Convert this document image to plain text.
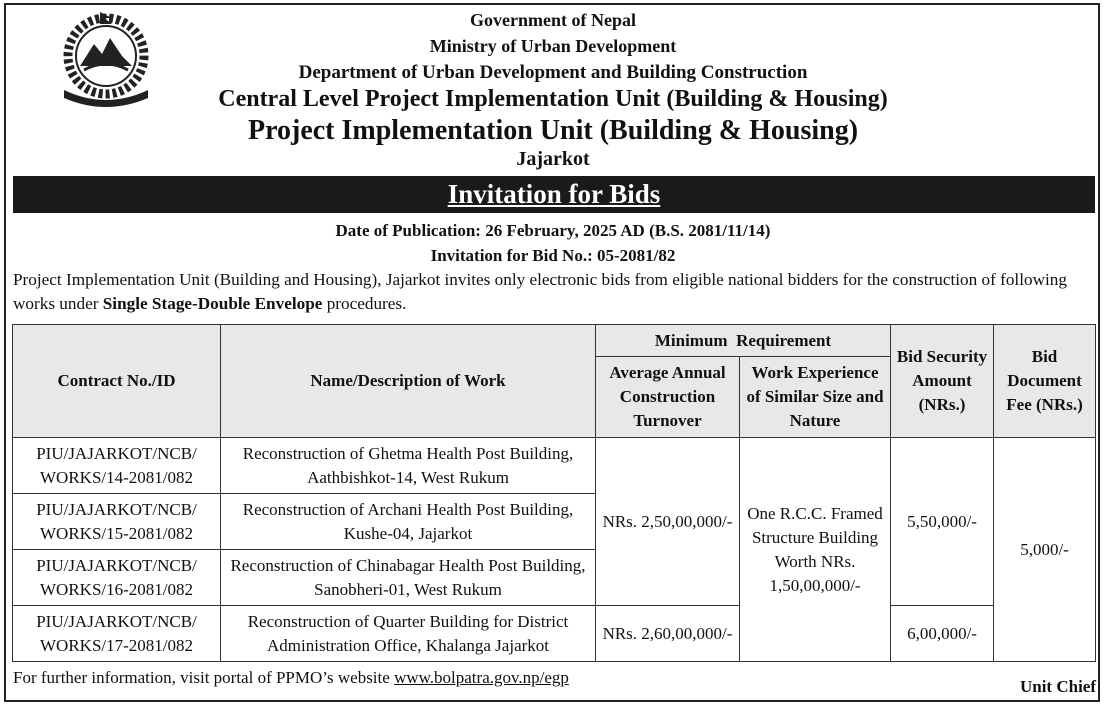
Government of Nepal
Ministry of Urban Development
Department of Urban Development and Building Construction
Central Level Project Implementation Unit (Building & Housing)
Project Implementation Unit (Building & Housing)
Jajarkot
Invitation for Bids
Date of Publication: 26 February, 2025 AD (B.S. 2081/11/14)
Invitation for Bid No.: 05-2081/82
Project Implementation Unit (Building and Housing), Jajarkot invites only electronic bids from eligible national bidders for the construction of following works under Single Stage-Double Envelope procedures.
Contract No./ID	Name/Description of Work	Minimum  Requirement		Bid Security Amount (NRs.)	Bid Document Fee (NRs.)
		Average Annual Construction Turnover	Work Experience of Similar Size and Nature		
PIU/JAJARKOT/NCB/ WORKS/14-2081/082	Reconstruction of Ghetma Health Post Building, Aathbishkot-14, West Rukum	NRs. 2,50,00,000/-	One R.C.C. Framed Structure Building Worth NRs. 1,50,00,000/-	5,50,000/-	5,000/-
PIU/JAJARKOT/NCB/ WORKS/15-2081/082	Reconstruction of Archani Health Post Building, Kushe-04, Jajarkot				
PIU/JAJARKOT/NCB/ WORKS/16-2081/082	Reconstruction of Chinabagar Health Post Building, Sanobheri-01, West Rukum				
PIU/JAJARKOT/NCB/ WORKS/17-2081/082	Reconstruction of Quarter Building for District Administration Office, Khalanga Jajarkot	NRs. 2,60,00,000/-		6,00,000/-	
For further information, visit portal of PPMO’s website www.bolpatra.gov.np/egp	Unit Chief
